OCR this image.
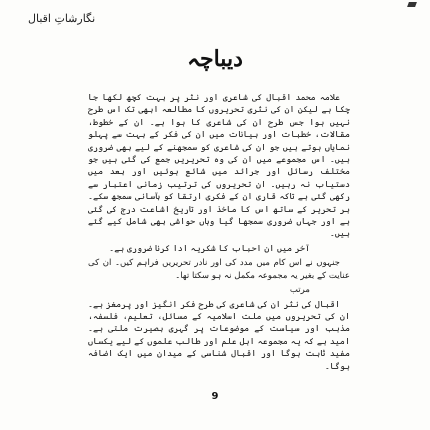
نگارشاتِ اقبال
دیباچہ

علامہ محمد اقبال کی شاعری اور نثر پر بہت کچھ لکھا جا چکا ہے لیکن ان کی نثری تحریروں کا مطالعہ ابھی تک اس طرح نہیں ہوا جس طرح ان کی شاعری کا ہوا ہے۔ ان کے خطوط، مقالات، خطبات اور بیانات میں ان کی فکر کے بہت سے پہلو نمایاں ہوتے ہیں جو ان کی شاعری کو سمجھنے کے لیے بھی ضروری ہیں۔ اس مجموعے میں ان کی وہ تحریریں جمع کی گئی ہیں جو مختلف رسائل اور جرائد میں شائع ہوئیں اور بعد میں دستیاب نہ رہیں۔ ان تحریروں کی ترتیب زمانی اعتبار سے رکھی گئی ہے تاکہ قاری ان کے فکری ارتقا کو بآسانی سمجھ سکے۔ ہر تحریر کے ساتھ اس کا ماخذ اور تاریخ اشاعت درج کی گئی ہے اور جہاں ضروری سمجھا گیا وہاں حواشی بھی شامل کیے گئے ہیں۔

آخر میں ان احباب کا شکریہ ادا کرنا ضروری ہے۔

جنہوں نے اس کام میں مدد کی اور نادر تحریریں فراہم کیں۔ ان کی عنایت کے بغیر یہ مجموعہ مکمل نہ ہو سکتا تھا۔

مرتب

اقبال کی نثر ان کی شاعری کی طرح فکر انگیز اور پرمغز ہے۔ ان کی تحریروں میں ملت اسلامیہ کے مسائل، تعلیم، فلسفہ، مذہب اور سیاست کے موضوعات پر گہری بصیرت ملتی ہے۔ امید ہے کہ یہ مجموعہ اہل علم اور طالب علموں کے لیے یکساں مفید ثابت ہوگا اور اقبال شناسی کے میدان میں ایک اضافہ ہوگا۔

9
